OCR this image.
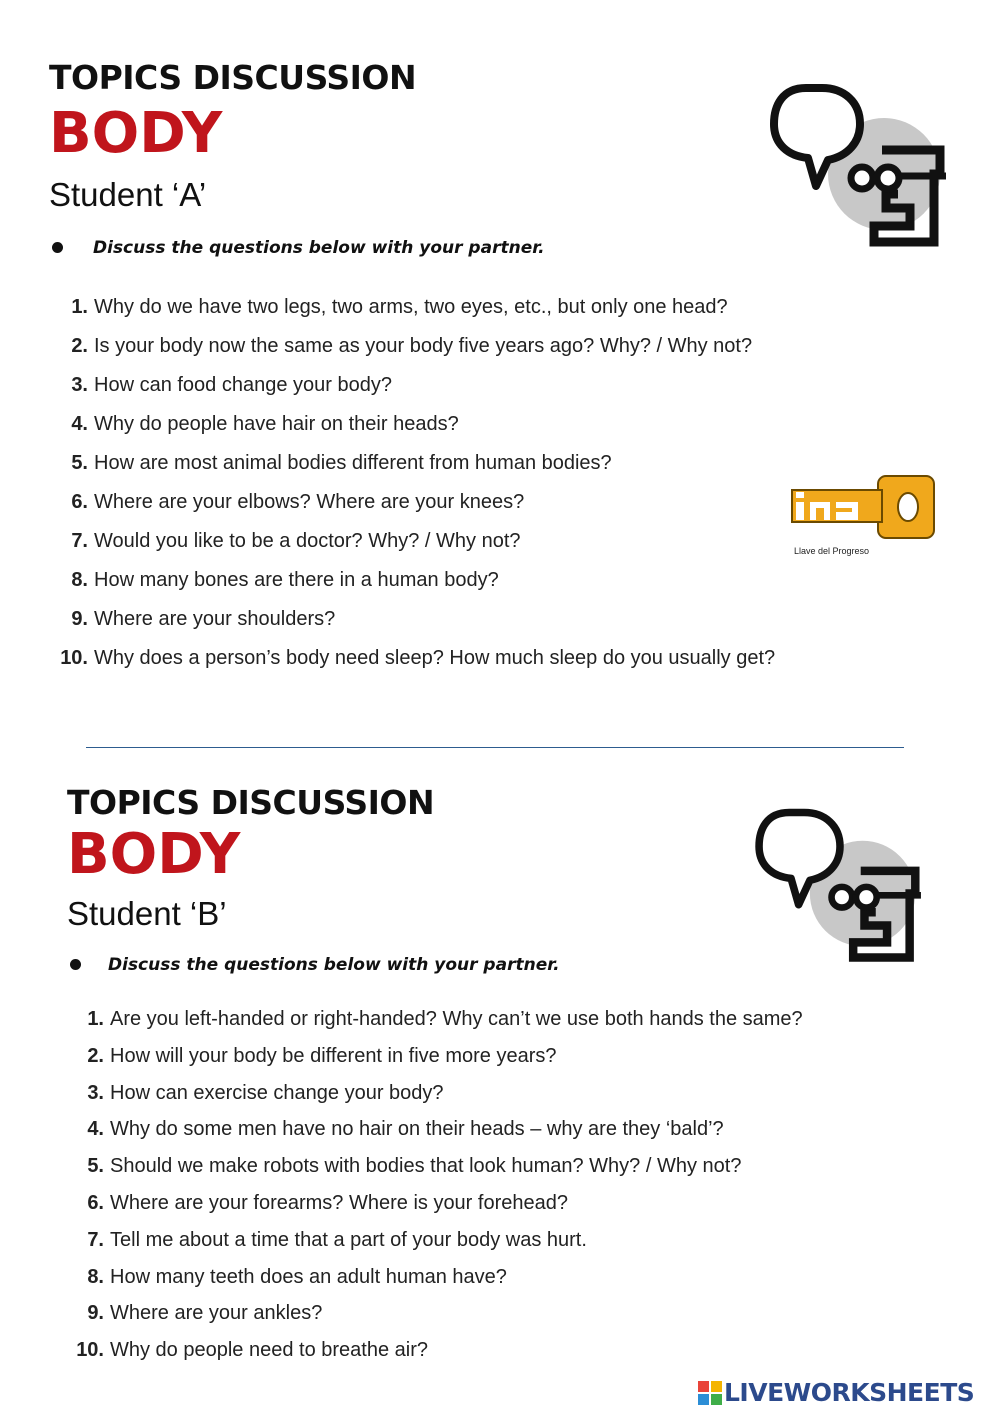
TOPICS DISCUSSION
BODY
Student ‘A’
Discuss the questions below with your partner.
1. Why do we have two legs, two arms, two eyes, etc., but only one head?
2. Is your body now the same as your body five years ago? Why? / Why not?
3. How can food change your body?
4. Why do people have hair on their heads?
5. How are most animal bodies different from human bodies?
6. Where are your elbows? Where are your knees?
7. Would you like to be a doctor? Why? / Why not?
8. How many bones are there in a human body?
9. Where are your shoulders?
10. Why does a person’s body need sleep? How much sleep do you usually get?
Llave del Progreso
TOPICS DISCUSSION
BODY
Student ‘B’
Discuss the questions below with your partner.
1. Are you left-handed or right-handed? Why can’t we use both hands the same?
2. How will your body be different in five more years?
3. How can exercise change your body?
4. Why do some men have no hair on their heads – why are they ‘bald’?
5. Should we make robots with bodies that look human? Why? / Why not?
6. Where are your forearms? Where is your forehead?
7. Tell me about a time that a part of your body was hurt.
8. How many teeth does an adult human have?
9. Where are your ankles?
10. Why do people need to breathe air?
LIVEWORKSHEETS
